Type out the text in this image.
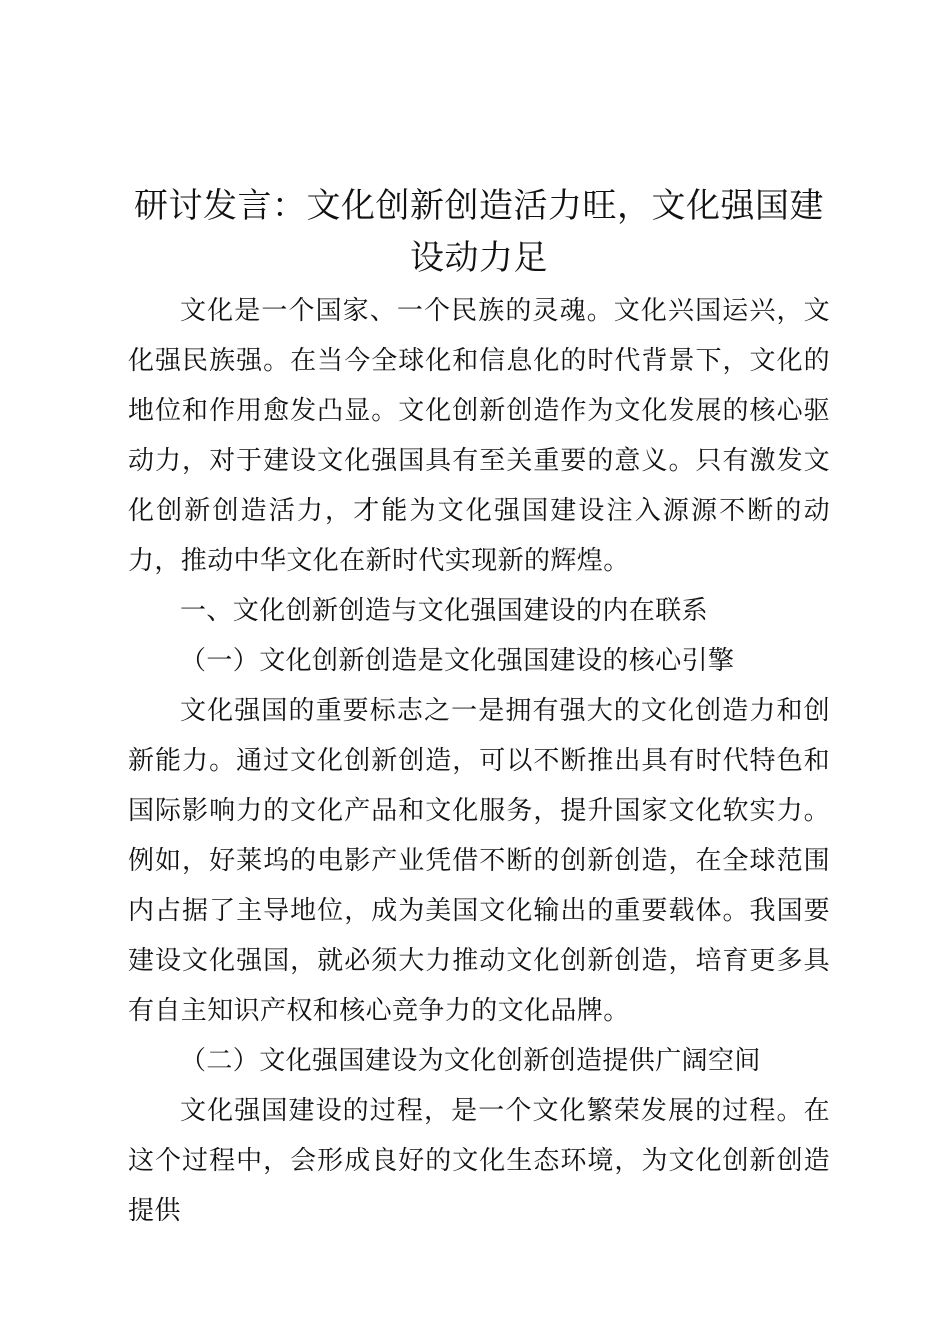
研讨发言：文化创新创造活力旺，文化强国建设动力足

文化是一个国家、一个民族的灵魂。文化兴国运兴，文化强民族强。在当今全球化和信息化的时代背景下，文化的地位和作用愈发凸显。文化创新创造作为文化发展的核心驱动力，对于建设文化强国具有至关重要的意义。只有激发文化创新创造活力，才能为文化强国建设注入源源不断的动力，推动中华文化在新时代实现新的辉煌。

一、文化创新创造与文化强国建设的内在联系

（一）文化创新创造是文化强国建设的核心引擎

文化强国的重要标志之一是拥有强大的文化创造力和创新能力。通过文化创新创造，可以不断推出具有时代特色和国际影响力的文化产品和文化服务，提升国家文化软实力。例如，好莱坞的电影产业凭借不断的创新创造，在全球范围内占据了主导地位，成为美国文化输出的重要载体。我国要建设文化强国，就必须大力推动文化创新创造，培育更多具有自主知识产权和核心竞争力的文化品牌。

（二）文化强国建设为文化创新创造提供广阔空间

文化强国建设的过程，是一个文化繁荣发展的过程。在这个过程中，会形成良好的文化生态环境，为文化创新创造提供
